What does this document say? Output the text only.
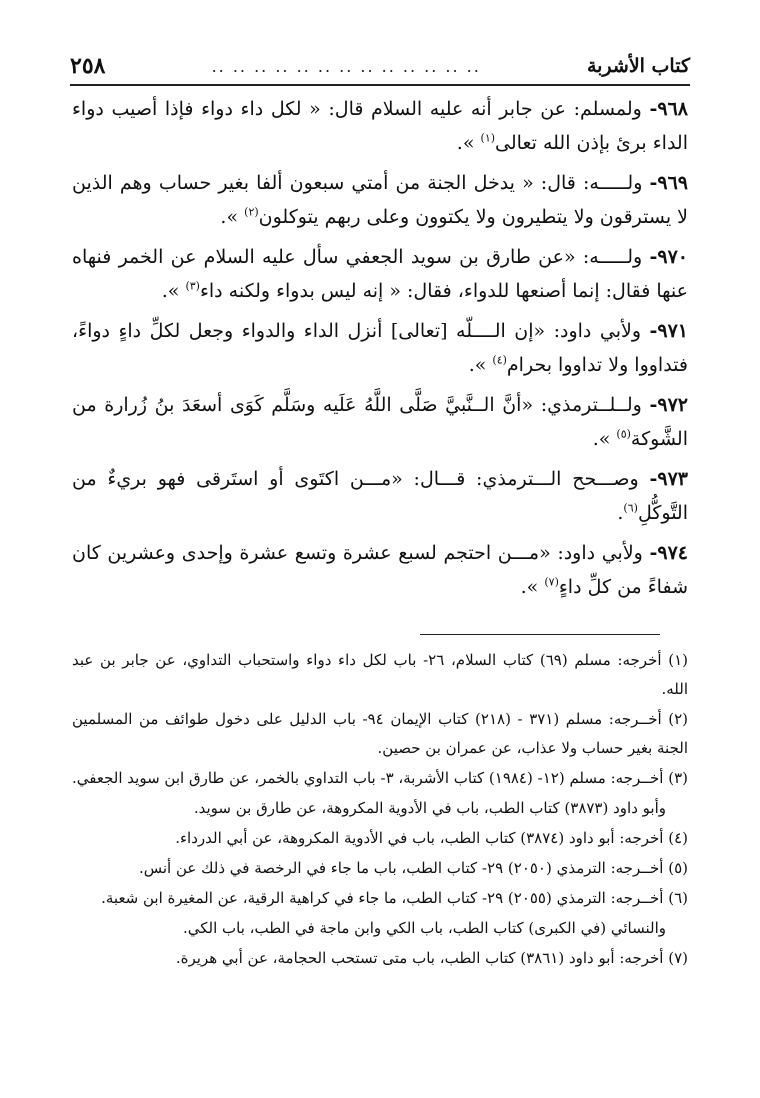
كتاب الأشربة
.. .. .. .. .. .. .. .. .. .. .. .. ..
٢٥٨

٩٦٨- ولمسلم: عن جابر أنه عليه السلام قال: « لكل داء دواء فإذا أصيب دواء الداء برئ بإذن الله تعالى$^{(١)}$ ».

٩٦٩- ولـــــه: قال: « يدخل الجنة من أمتي سبعون ألفا بغير حساب وهم الذين لا يسترقون ولا يتطيرون ولا يكتوون وعلى ربهم يتوكلون$^{(٢)}$ ».

٩٧٠- ولـــــه: «عن طارق بن سويد الجعفي سأل عليه السلام عن الخمر فنهاه عنها فقال: إنما أصنعها للدواء، فقال: « إنه ليس بدواء ولكنه داء$^{(٣)}$ ».

٩٧١- ولأبي داود: «إن الــــلّه [تعالى] أنزل الداء والدواء وجعل لكلِّ داءٍ دواءً، فتداووا ولا تداووا بحرام$^{(٤)}$ ».

٩٧٢- ولــلــترمذي: «أنَّ الــنَّبيَّ صَلَّى اللَّهُ عَلَيه وسَلَّم كَوَى أسعَدَ بنُ زُرارة من الشَّوكة$^{(٥)}$ ».

٩٧٣- وصـــحح الـــترمذي: قـــال: «مـــن اكتَوى أو استَرقى فهو بريءٌ من التَّوكُّلِ$^{(٦)}$.

٩٧٤- ولأبي داود: «مـــن احتجم لسبع عشرة وتسع عشرة وإحدى وعشرين كان شفاءً من كلِّ داءٍ$^{(٧)}$ ».

(١) أخرجه: مسلم (٦٩) كتاب السلام، ٢٦- باب لكل داء دواء واستحباب التداوي، عن جابر بن عبد الله.

(٢) أخــرجه: مسلم (٣٧١ - (٢١٨) كتاب الإيمان ٩٤- باب الدليل على دخول طوائف من المسلمين الجنة بغير حساب ولا عذاب، عن عمران بن حصين.

(٣) أخــرجه: مسلم (١٢- (١٩٨٤) كتاب الأشربة، ٣- باب التداوي بالخمر، عن طارق ابن سويد الجعفي.

وأبو داود (٣٨٧٣) كتاب الطب، باب في الأدوية المكروهة، عن طارق بن سويد.

(٤) أخرجه: أبو داود (٣٨٧٤) كتاب الطب، باب في الأدوية المكروهة، عن أبي الدرداء.

(٥) أخــرجه: الترمذي (٢٠٥٠) ٢٩- كتاب الطب، باب ما جاء في الرخصة في ذلك عن أنس.

(٦) أخــرجه: الترمذي (٢٠٥٥) ٢٩- كتاب الطب، ما جاء في كراهية الرقية، عن المغيرة ابن شعبة.

والنسائي (في الكبرى) كتاب الطب، باب الكي وابن ماجة في الطب، باب الكي.

(٧) أخرجه: أبو داود (٣٨٦١) كتاب الطب، باب متى تستحب الحجامة، عن أبي هريرة.
